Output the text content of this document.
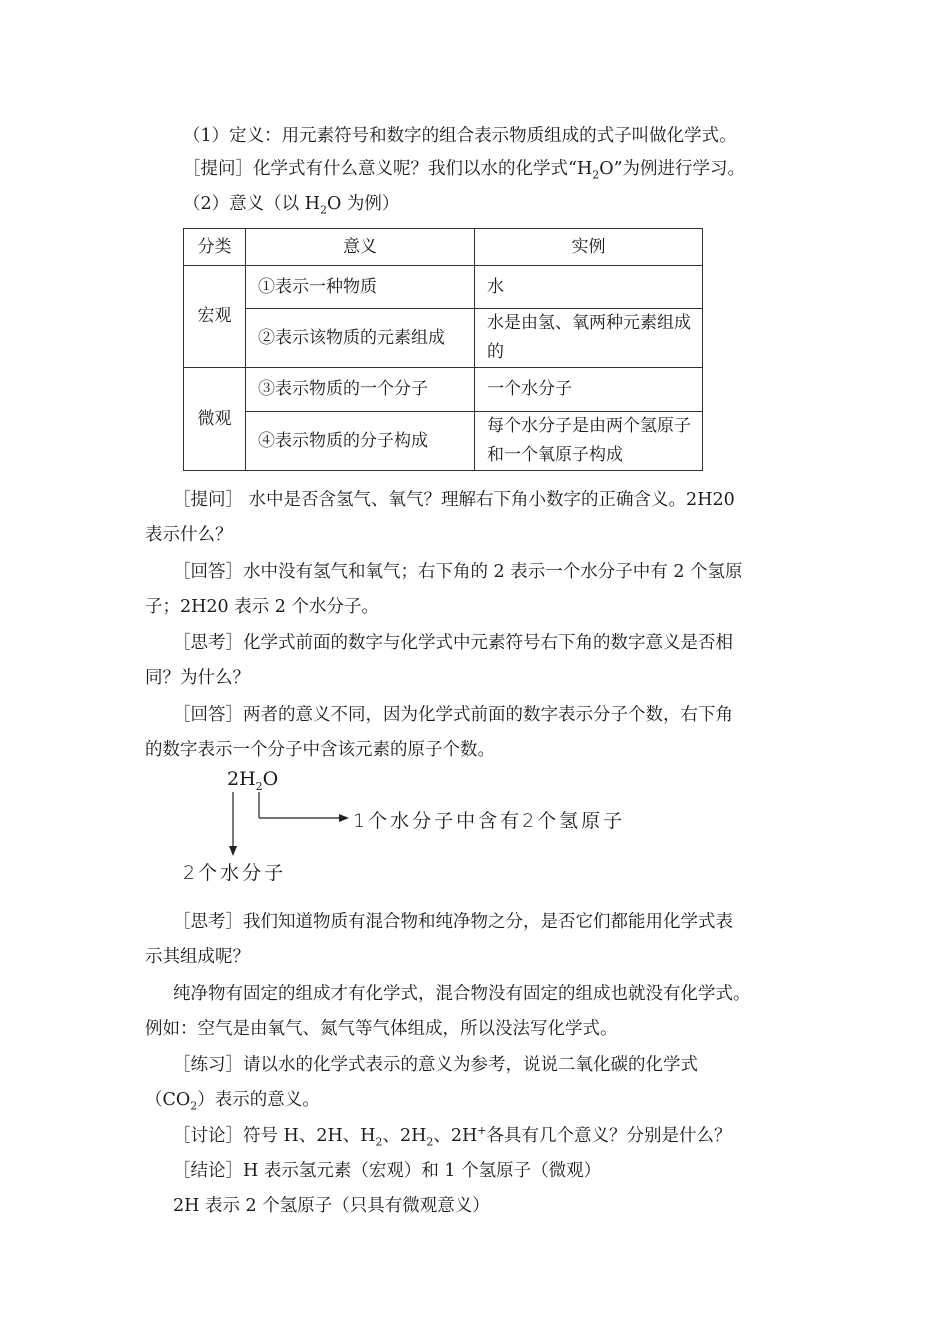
（1）定义：用元素符号和数字的组合表示物质组成的式子叫做化学式。
［提问］化学式有什么意义呢？我们以水的化学式“$H_2O$”为例进行学习。
（2）意义（以 $H_2O$ 为例）
分类	意义	实例
宏观	①表示一种物质	水
	②表示该物质的元素组成	水是由氢、氧两种元素组成的
微观	③表示物质的一个分子	一个水分子
	④表示物质的分子构成	每个水分子是由两个氢原子和一个氧原子构成
［提问］ 水中是否含氢气、氧气？理解右下角小数字的正确含义。2H20
表示什么？
［回答］水中没有氢气和氧气；右下角的 2 表示一个水分子中有 2 个氢原
子；2H20 表示 2 个水分子。
［思考］化学式前面的数字与化学式中元素符号右下角的数字意义是否相
同？为什么？
［回答］两者的意义不同，因为化学式前面的数字表示分子个数，右下角
的数字表示一个分子中含该元素的原子个数。
$2H_2O$
1个水分子中含有2个氢原子
2个水分子
［思考］我们知道物质有混合物和纯净物之分，是否它们都能用化学式表
示其组成呢？
纯净物有固定的组成才有化学式，混合物没有固定的组成也就没有化学式。
例如：空气是由氧气、氮气等气体组成，所以没法写化学式。
［练习］请以水的化学式表示的意义为参考，说说二氧化碳的化学式
$(CO_2)$表示的意义。
［讨论］符号 H、2H、$H_2$、$2H_2$、2H+各具有几个意义？分别是什么？
［结论］H 表示氢元素（宏观）和 1 个氢原子（微观）
2H 表示 2 个氢原子（只具有微观意义）
